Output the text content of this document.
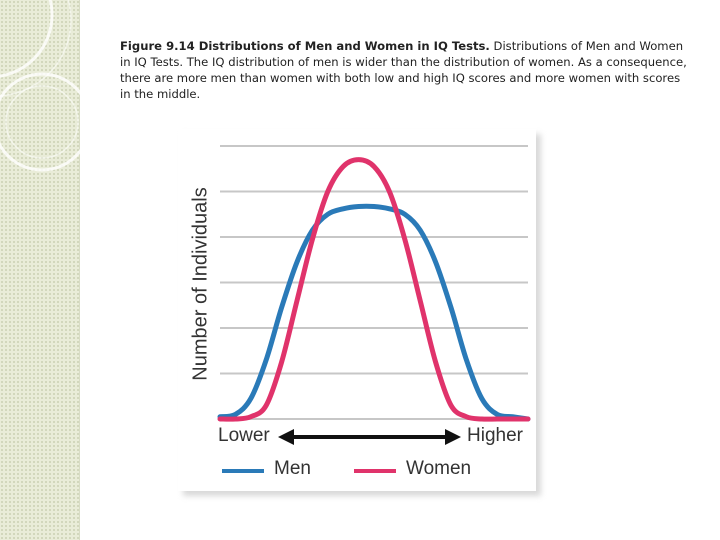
Figure 9.14 Distributions of Men and Women in IQ Tests. Distributions of Men and Women in IQ Tests. The IQ distribution of men is wider than the distribution of women. As a consequence, there are more men than women with both low and high IQ scores and more women with scores in the middle.
Number of Individuals
Lower	Higher
Men	Women
